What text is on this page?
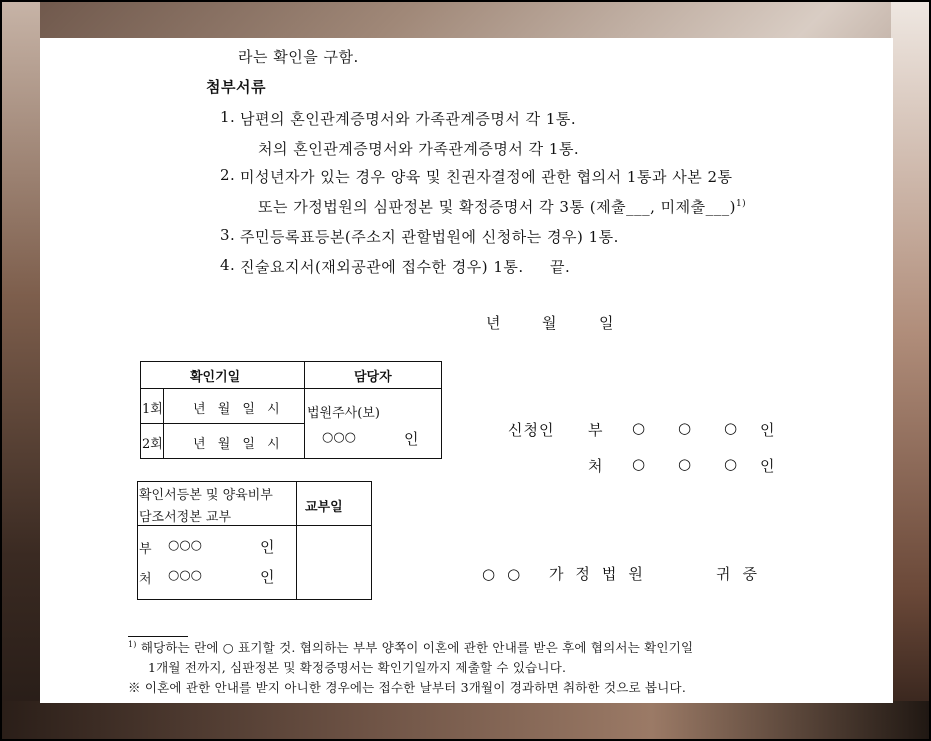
라는 확인을 구함.
첨부서류
1. 남편의 혼인관계증명서와 가족관계증명서 각 1통.
처의 혼인관계증명서와 가족관계증명서 각 1통.
2. 미성년자가 있는 경우 양육 및 친권자결정에 관한 협의서 1통과 사본 2통
또는 가정법원의 심판정본 및 확정증명서 각 3통 (제출___, 미제출___)$^{1)}$
3. 주민등록표등본(주소지 관할법원에 신청하는 경우) 1통.
4. 진술요지서(재외공관에 접수한 경우) 1통.     끝.
년	월	일
확인기일	담당자
1회 년 월 일 시
2회 년 월 일 시
법원주사(보)
○○○	인
확인서등본 및 양육비부
담조서정본 교부
교부일
부 ○○○	인
처 ○○○	인
신청인 부 ○ ○ ○ 인
처 ○ ○ ○ 인
○○ 가정법원	귀중
$^{1)}$ 해당하는 란에 ○ 표기할 것. 협의하는 부부 양쪽이 이혼에 관한 안내를 받은 후에 협의서는 확인기일
1개월 전까지, 심판정본 및 확정증명서는 확인기일까지 제출할 수 있습니다.
※ 이혼에 관한 안내를 받지 아니한 경우에는 접수한 날부터 3개월이 경과하면 취하한 것으로 봅니다.
